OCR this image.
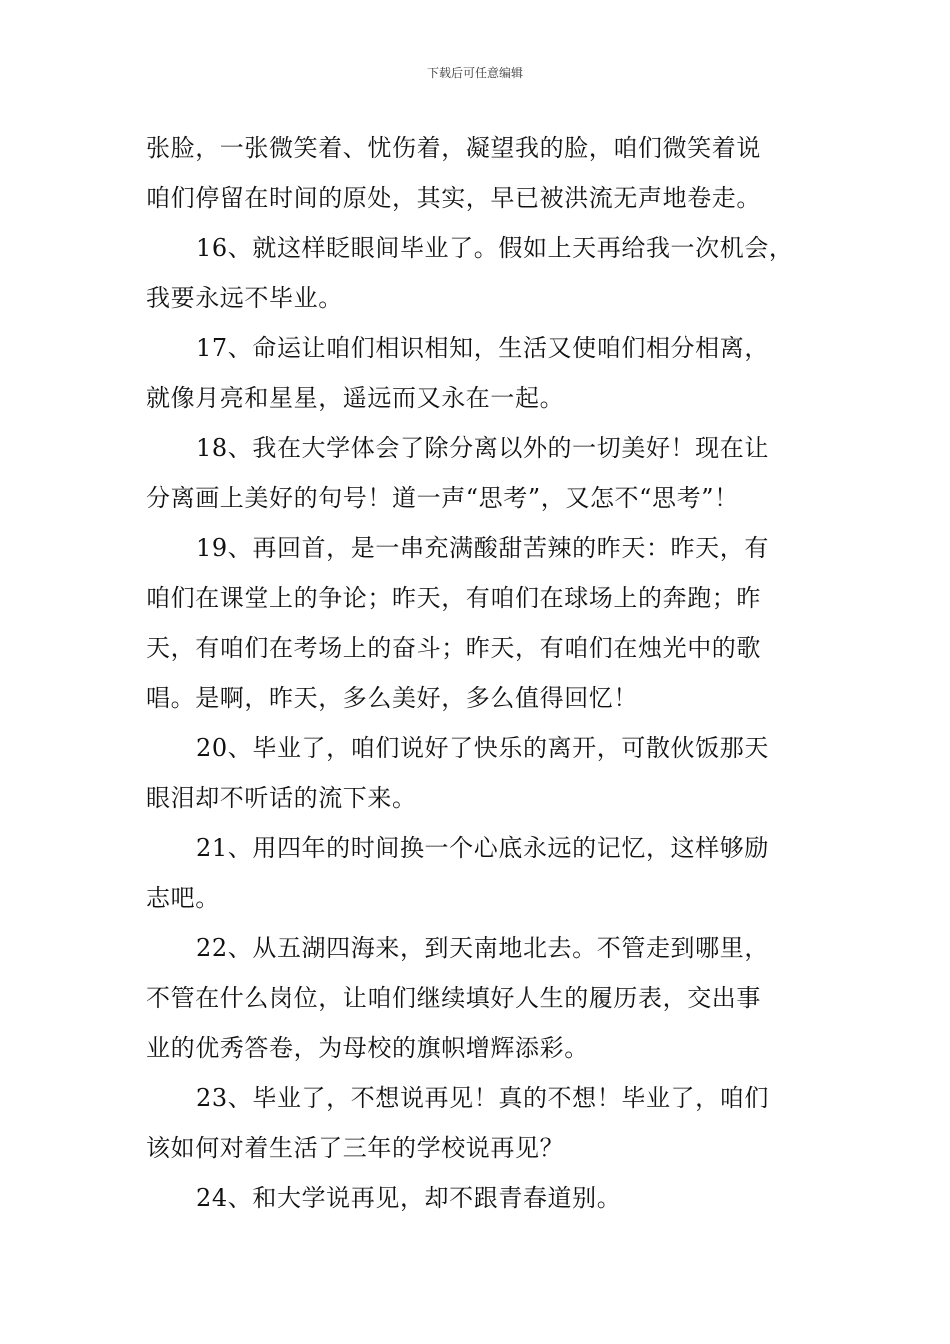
下载后可任意编辑
张脸，一张微笑着、忧伤着，凝望我的脸，咱们微笑着说
咱们停留在时间的原处，其实，早已被洪流无声地卷走。
16、就这样眨眼间毕业了。假如上天再给我一次机会，
我要永远不毕业。
17、命运让咱们相识相知，生活又使咱们相分相离，
就像月亮和星星，遥远而又永在一起。
18、我在大学体会了除分离以外的一切美好！现在让
分离画上美好的句号！道一声“思考”，又怎不“思考”！
19、再回首，是一串充满酸甜苦辣的昨天：昨天，有
咱们在课堂上的争论；昨天，有咱们在球场上的奔跑；昨
天，有咱们在考场上的奋斗；昨天，有咱们在烛光中的歌
唱。是啊，昨天，多么美好，多么值得回忆！
20、毕业了，咱们说好了快乐的离开，可散伙饭那天
眼泪却不听话的流下来。
21、用四年的时间换一个心底永远的记忆，这样够励
志吧。
22、从五湖四海来，到天南地北去。不管走到哪里，
不管在什么岗位，让咱们继续填好人生的履历表，交出事
业的优秀答卷，为母校的旗帜增辉添彩。
23、毕业了，不想说再见！真的不想！毕业了，咱们
该如何对着生活了三年的学校说再见？
24、和大学说再见，却不跟青春道别。
